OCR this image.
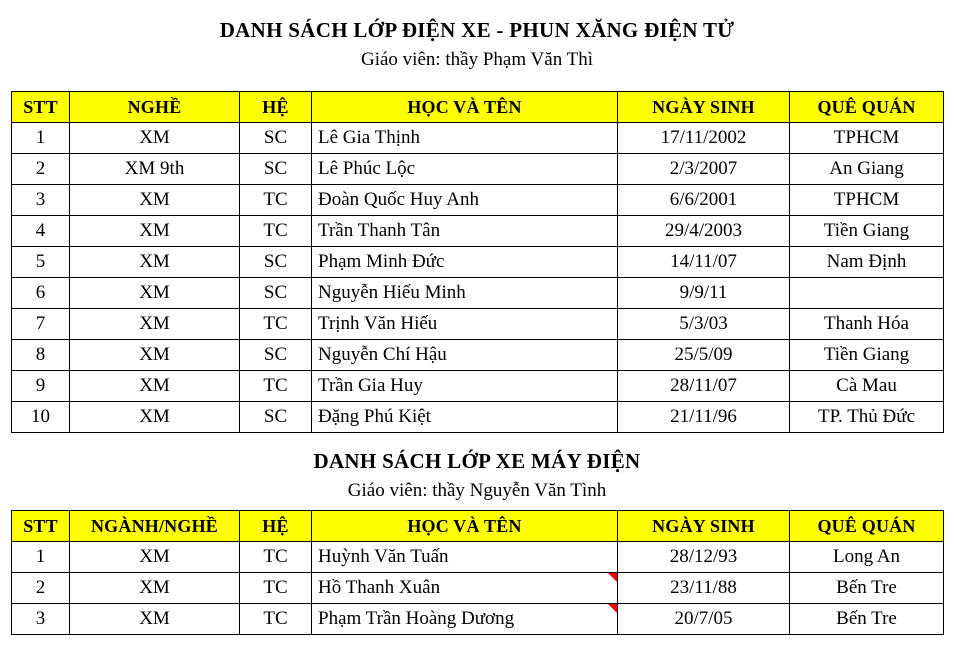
DANH SÁCH LỚP ĐIỆN XE - PHUN XĂNG ĐIỆN TỬ
Giáo viên: thầy Phạm Văn Thì
STT	NGHỀ	HỆ	HỌC VÀ TÊN	NGÀY SINH	QUÊ QUÁN
1	XM	SC	Lê Gia Thịnh	17/11/2002	TPHCM
2	XM 9th	SC	Lê Phúc Lộc	2/3/2007	An Giang
3	XM	TC	Đoàn Quốc Huy Anh	6/6/2001	TPHCM
4	XM	TC	Trần Thanh Tân	29/4/2003	Tiền Giang
5	XM	SC	Phạm Minh Đức	14/11/07	Nam Định
6	XM	SC	Nguyễn Hiếu Minh	9/9/11	
7	XM	TC	Trịnh Văn Hiếu	5/3/03	Thanh Hóa
8	XM	SC	Nguyễn Chí Hậu	25/5/09	Tiền Giang
9	XM	TC	Trần Gia Huy	28/11/07	Cà Mau
10	XM	SC	Đặng Phú Kiệt	21/11/96	TP. Thủ Đức
DANH SÁCH LỚP XE MÁY ĐIỆN
Giáo viên: thầy Nguyễn Văn Tình
STT	NGÀNH/NGHỀ	HỆ	HỌC VÀ TÊN	NGÀY SINH	QUÊ QUÁN
1	XM	TC	Huỳnh Văn Tuấn	28/12/93	Long An
2	XM	TC	Hồ Thanh Xuân	23/11/88	Bến Tre
3	XM	TC	Phạm Trần Hoàng Dương	20/7/05	Bến Tre
